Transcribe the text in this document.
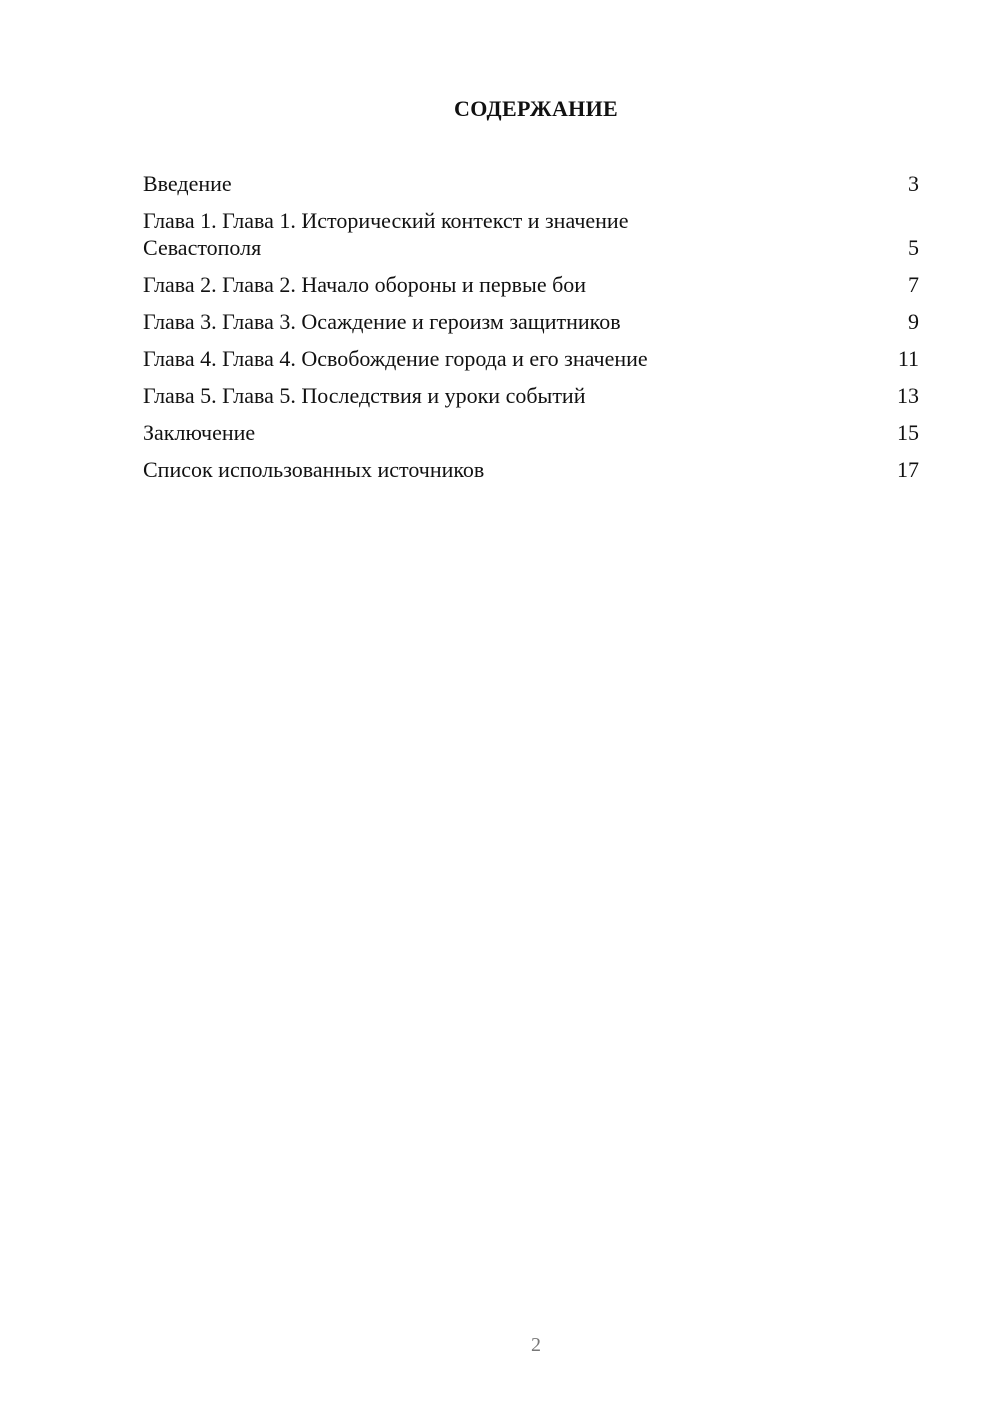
СОДЕРЖАНИЕ
Введение	3
Глава 1. Глава 1. Исторический контекст и значение Севастополя	5
Глава 2. Глава 2. Начало обороны и первые бои	7
Глава 3. Глава 3. Осаждение и героизм защитников	9
Глава 4. Глава 4. Освобождение города и его значение	11
Глава 5. Глава 5. Последствия и уроки событий	13
Заключение	15
Список использованных источников	17
2
